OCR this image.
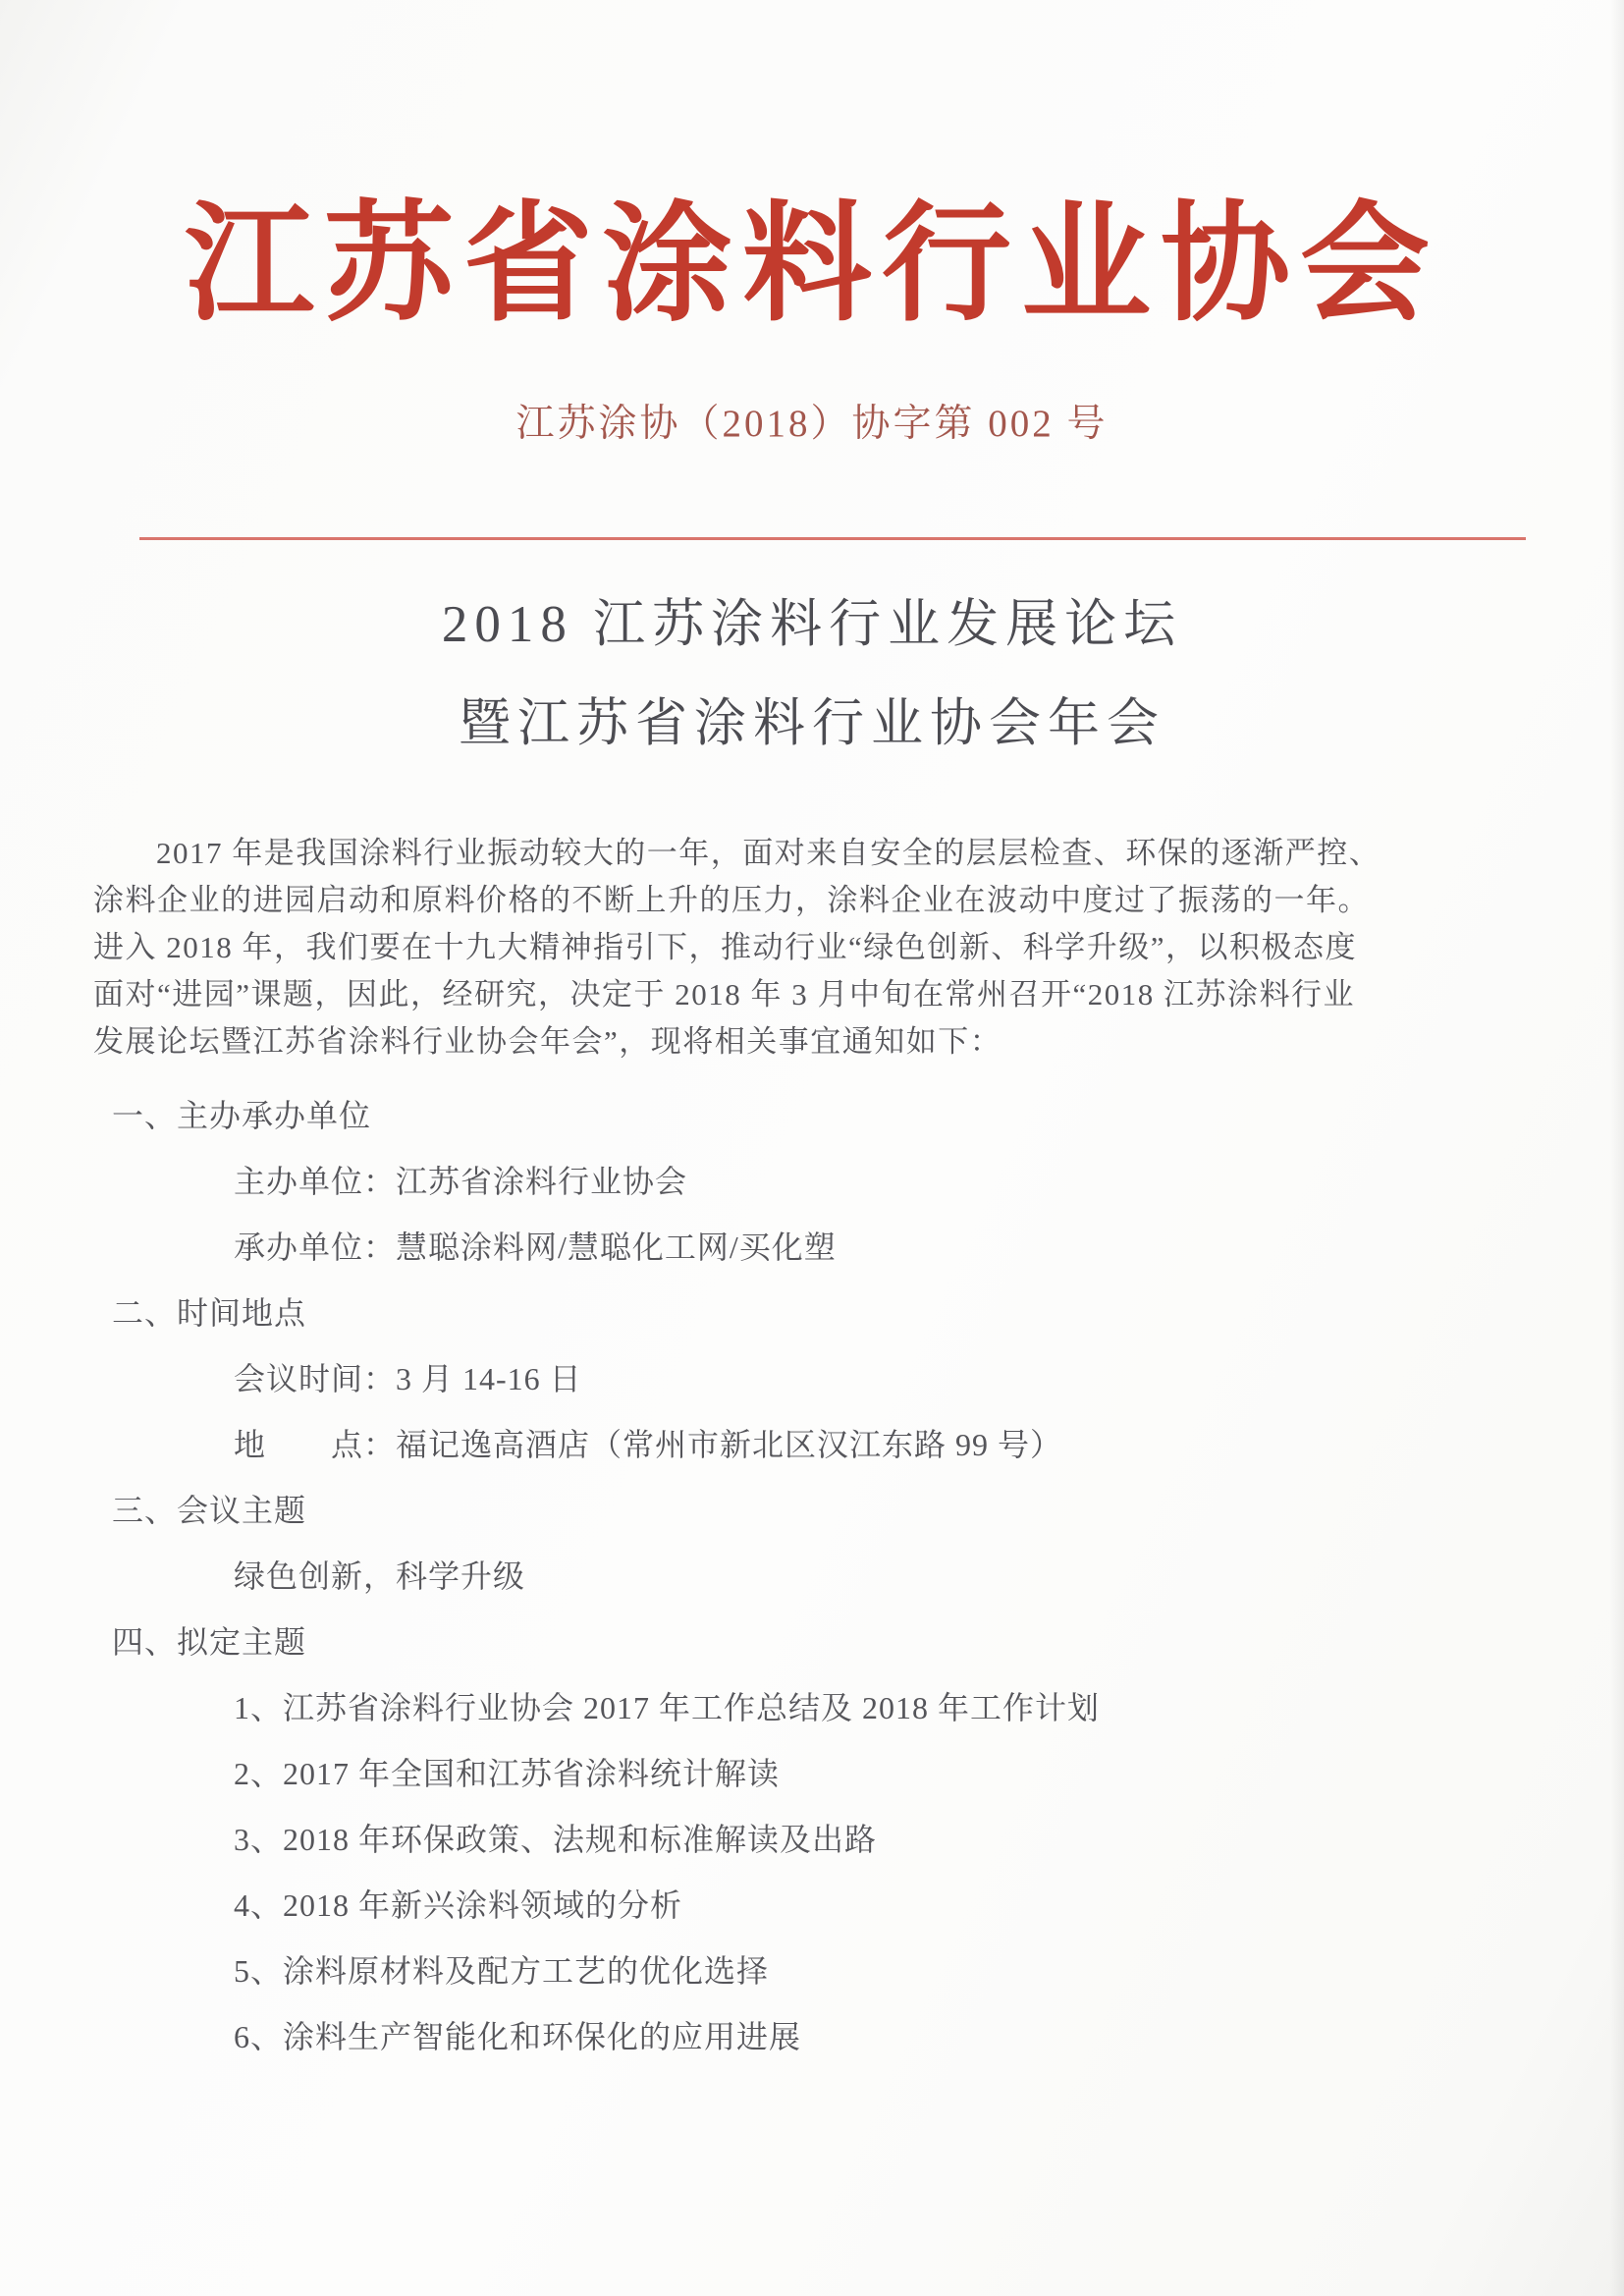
江苏省涂料行业协会
江苏涂协（2018）协字第 002 号
2018 江苏涂料行业发展论坛
暨江苏省涂料行业协会年会
2017 年是我国涂料行业振动较大的一年，面对来自安全的层层检查、环保的逐渐严控、
涂料企业的进园启动和原料价格的不断上升的压力，涂料企业在波动中度过了振荡的一年。
进入 2018 年，我们要在十九大精神指引下，推动行业“绿色创新、科学升级”，以积极态度
面对“进园”课题，因此，经研究，决定于 2018 年 3 月中旬在常州召开“2018 江苏涂料行业
发展论坛暨江苏省涂料行业协会年会”，现将相关事宜通知如下：
一、主办承办单位
主办单位：江苏省涂料行业协会
承办单位：慧聪涂料网/慧聪化工网/买化塑
二、时间地点
会议时间：3 月 14-16 日
地　　点：福记逸高酒店（常州市新北区汉江东路 99 号）
三、会议主题
绿色创新，科学升级
四、拟定主题
1、江苏省涂料行业协会 2017 年工作总结及 2018 年工作计划
2、2017 年全国和江苏省涂料统计解读
3、2018 年环保政策、法规和标准解读及出路
4、2018 年新兴涂料领域的分析
5、涂料原材料及配方工艺的优化选择
6、涂料生产智能化和环保化的应用进展
